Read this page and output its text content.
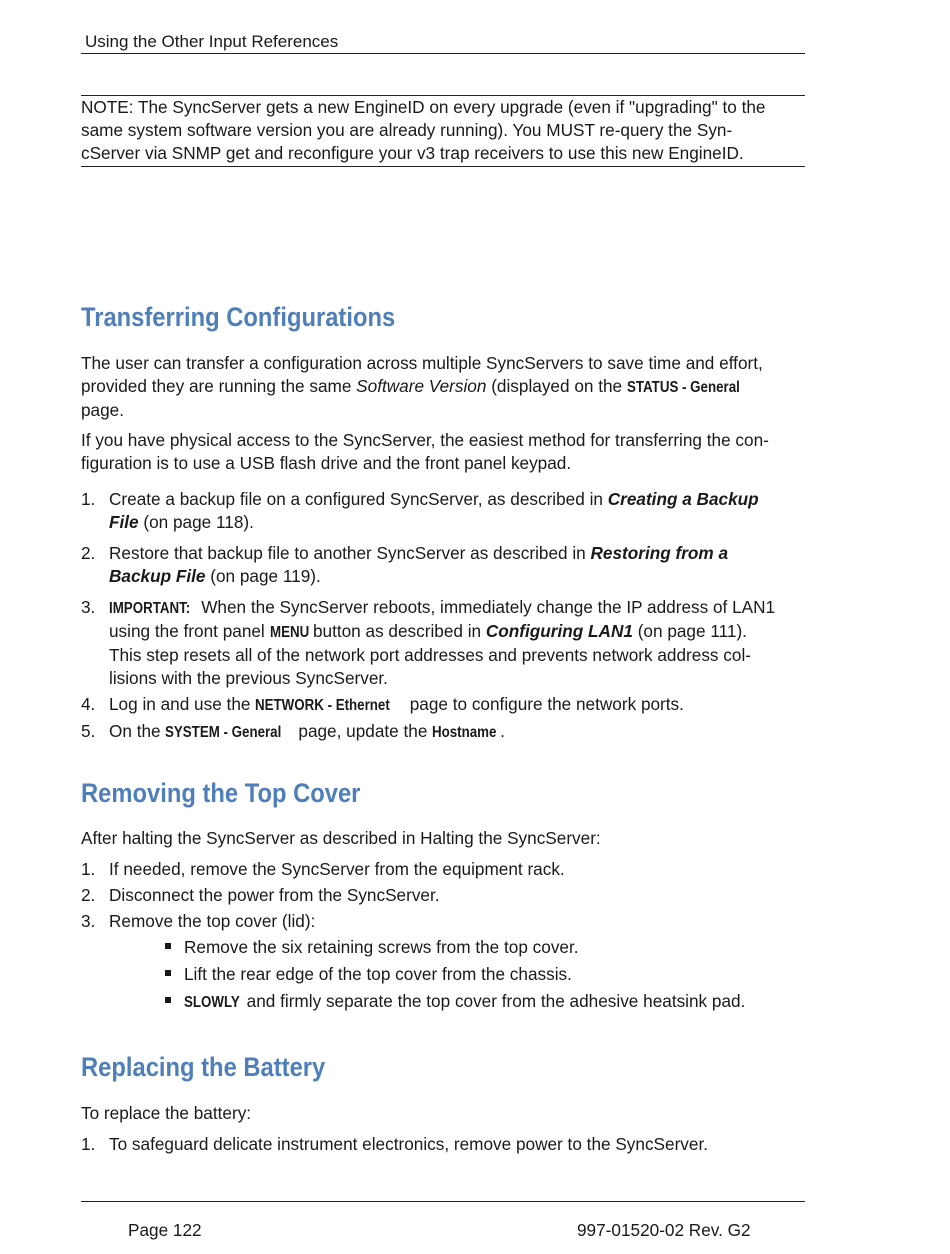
Using the Other Input References
NOTE: The SyncServer gets a new EngineID on every upgrade (even if "upgrading" to the
same system software version you are already running). You MUST re-query the Syn-
cServer via SNMP get and reconfigure your v3 trap receivers to use this new EngineID.
Transferring Configurations

The user can transfer a configuration across multiple SyncServers to save time and effort,
provided they are running the same Software Version (displayed on the STATUS - General
page.

If you have physical access to the SyncServer, the easiest method for transferring the con-
figuration is to use a USB flash drive and the front panel keypad.

1. Create a backup file on a configured SyncServer, as described in Creating a Backup
File (on page 118).
2. Restore that backup file to another SyncServer as described in Restoring from a
Backup File (on page 119).
3. IMPORTANT: When the SyncServer reboots, immediately change the IP address of LAN1
using the front panel MENU button as described in Configuring LAN1 (on page 111).
This step resets all of the network port addresses and prevents network address col-
lisions with the previous SyncServer.
4. Log in and use the NETWORK - Ethernet page to configure the network ports.
5. On the SYSTEM - General page, update the Hostname .
Removing the Top Cover

After halting the SyncServer as described in Halting the SyncServer:

1. If needed, remove the SyncServer from the equipment rack.
2. Disconnect the power from the SyncServer.
3. Remove the top cover (lid):
Remove the six retaining screws from the top cover.
Lift the rear edge of the top cover from the chassis.
SLOWLY and firmly separate the top cover from the adhesive heatsink pad.
Replacing the Battery

To replace the battery:

1. To safeguard delicate instrument electronics, remove power to the SyncServer.
Page 122	997-01520-02 Rev. G2
